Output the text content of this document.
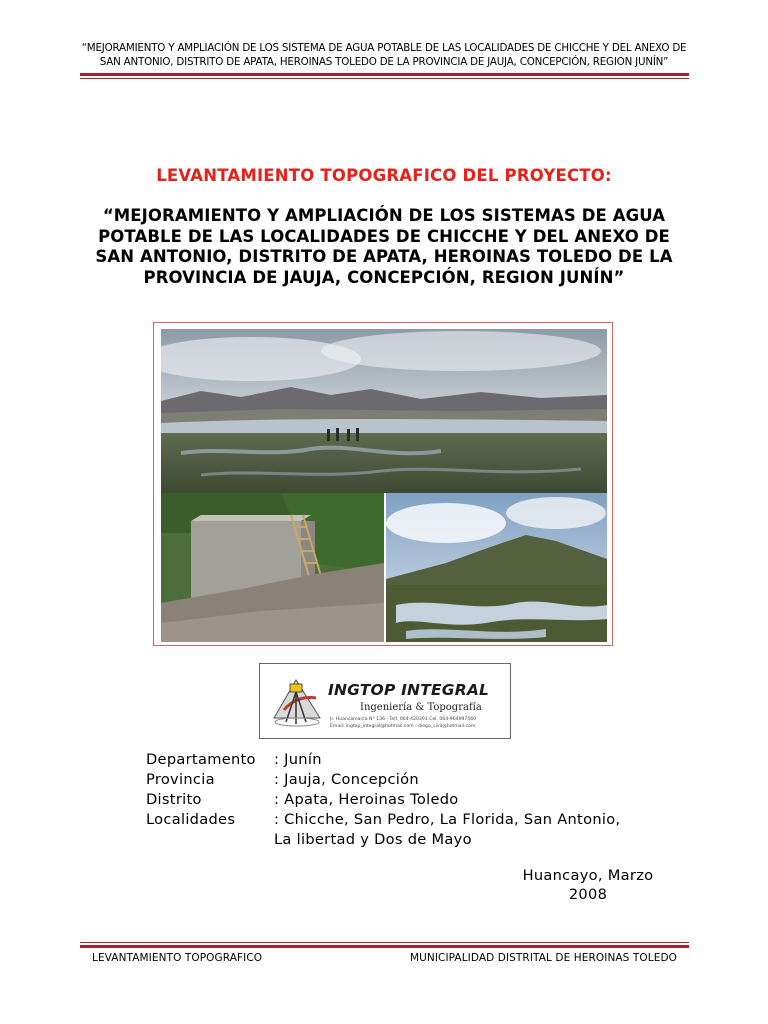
“MEJORAMIENTO Y AMPLIACIÓN DE LOS SISTEMA DE AGUA POTABLE DE LAS LOCALIDADES DE CHICCHE Y DEL ANEXO DE SAN ANTONIO, DISTRITO DE APATA, HEROINAS TOLEDO DE LA PROVINCIA DE JAUJA, CONCEPCIÓN, REGION JUNÍN”
LEVANTAMIENTO TOPOGRAFICO DEL PROYECTO:
“MEJORAMIENTO Y AMPLIACIÓN DE LOS SISTEMAS DE AGUA POTABLE DE LAS LOCALIDADES DE CHICCHE Y DEL ANEXO DE SAN ANTONIO, DISTRITO DE APATA, HEROINAS TOLEDO DE LA PROVINCIA DE JAUJA, CONCEPCIÓN, REGION JUNÍN”
INGTOP INTEGRAL
Ingeniería & Topografía
Jr. Huancamarca N° 136 · Telf. 064-420391 Cel. 064-964997560
Email: ingtop_integral@hotmail.com · diego_civil@hotmail.com
Departamento : Junín
Provincia	: Jauja, Concepción
Distrito	: Apata, Heroinas Toledo
Localidades	: Chicche, San Pedro, La Florida, San Antonio,
La libertad y Dos de Mayo
Huancayo, Marzo
2008
LEVANTAMIENTO TOPOGRAFICO	MUNICIPALIDAD DISTRITAL DE HEROINAS TOLEDO
